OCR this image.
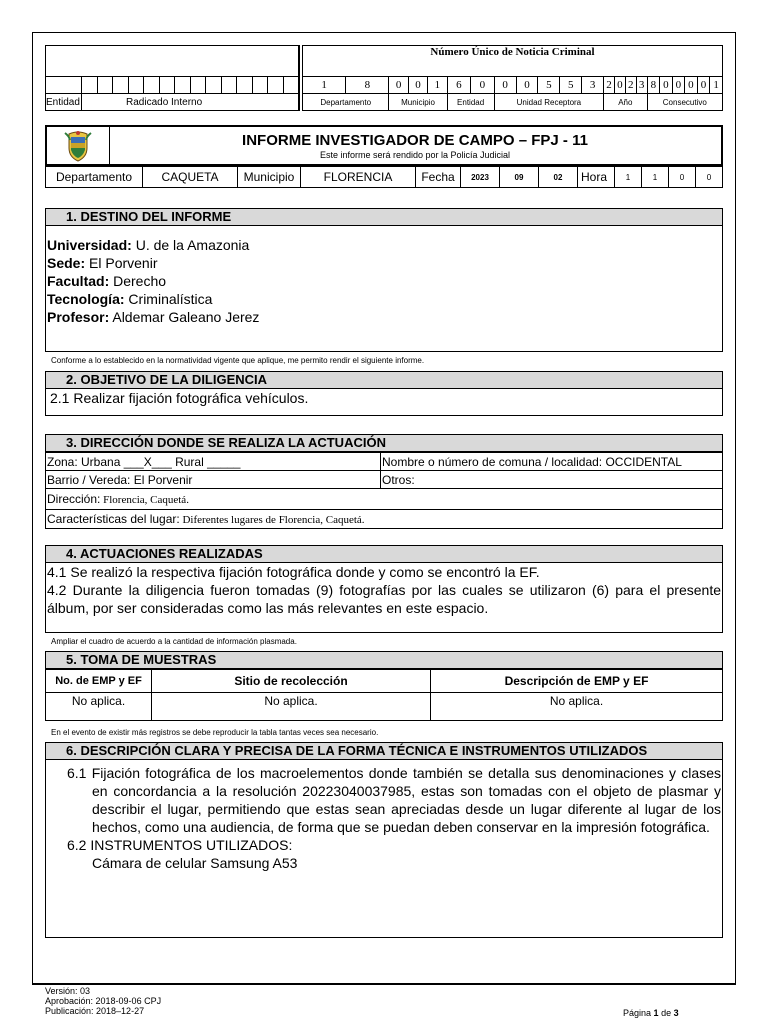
																Número Único de Noticia Criminal																					
																1	8	0	0	1	6	0	0	0	5	5	3	2	0	2	3	8	0	0	0	0	1
Entidad	Radicado Interno															Departamento		Municipio			Entidad		Unidad Receptora					Año				Consecutivo					
INFORME INVESTIGADOR DE CAMPO – FPJ - 11
Este informe será rendido por la Policía Judicial
Departamento	CAQUETA	Municipio	FLORENCIA	Fecha	2023	09	02	Hora	1	1	0	0
1. DESTINO DEL INFORME
Universidad: U. de la Amazonia
Sede: El Porvenir
Facultad: Derecho
Tecnología: Criminalística
Profesor: Aldemar Galeano Jerez
Conforme a lo establecido en la normatividad vigente que aplique, me permito rendir el siguiente informe.
2. OBJETIVO DE LA DILIGENCIA
2.1 Realizar fijación fotográfica vehículos.
3. DIRECCIÓN DONDE SE REALIZA LA ACTUACIÓN
Zona: Urbana ___X___ Rural _____	Nombre o número de comuna / localidad: OCCIDENTAL
Barrio / Vereda: El Porvenir	Otros:
Dirección: Florencia, Caquetá.	
Características del lugar: Diferentes lugares de Florencia, Caquetá.	
4. ACTUACIONES REALIZADAS
4.1 Se realizó la respectiva fijación fotográfica donde y como se encontró la EF.
4.2 Durante la diligencia fueron tomadas (9) fotografías por las cuales se utilizaron (6) para el presente álbum, por ser consideradas como las más relevantes en este espacio.
Ampliar el cuadro de acuerdo a la cantidad de información plasmada.
5. TOMA DE MUESTRAS
No. de EMP y EF	Sitio de recolección	Descripción de EMP y EF
No aplica.	No aplica.	No aplica.
En el evento de existir más registros se debe reproducir la tabla tantas veces sea necesario.
6. DESCRIPCIÓN CLARA Y PRECISA DE LA FORMA TÉCNICA E INSTRUMENTOS UTILIZADOS
6.1 Fijación fotográfica de los macroelementos donde también se detalla sus denominaciones y clases en concordancia a la resolución 20223040037985, estas son tomadas con el objeto de plasmar y describir el lugar, permitiendo que estas sean apreciadas desde un lugar diferente al lugar de los hechos, como una audiencia, de forma que se puedan deben conservar en la impresión fotográfica.
6.2 INSTRUMENTOS UTILIZADOS:
Cámara de celular Samsung A53
Versión: 03
Aprobación: 2018-09-06 CPJ
Publicación: 2018–12-27	Página 1 de 3
